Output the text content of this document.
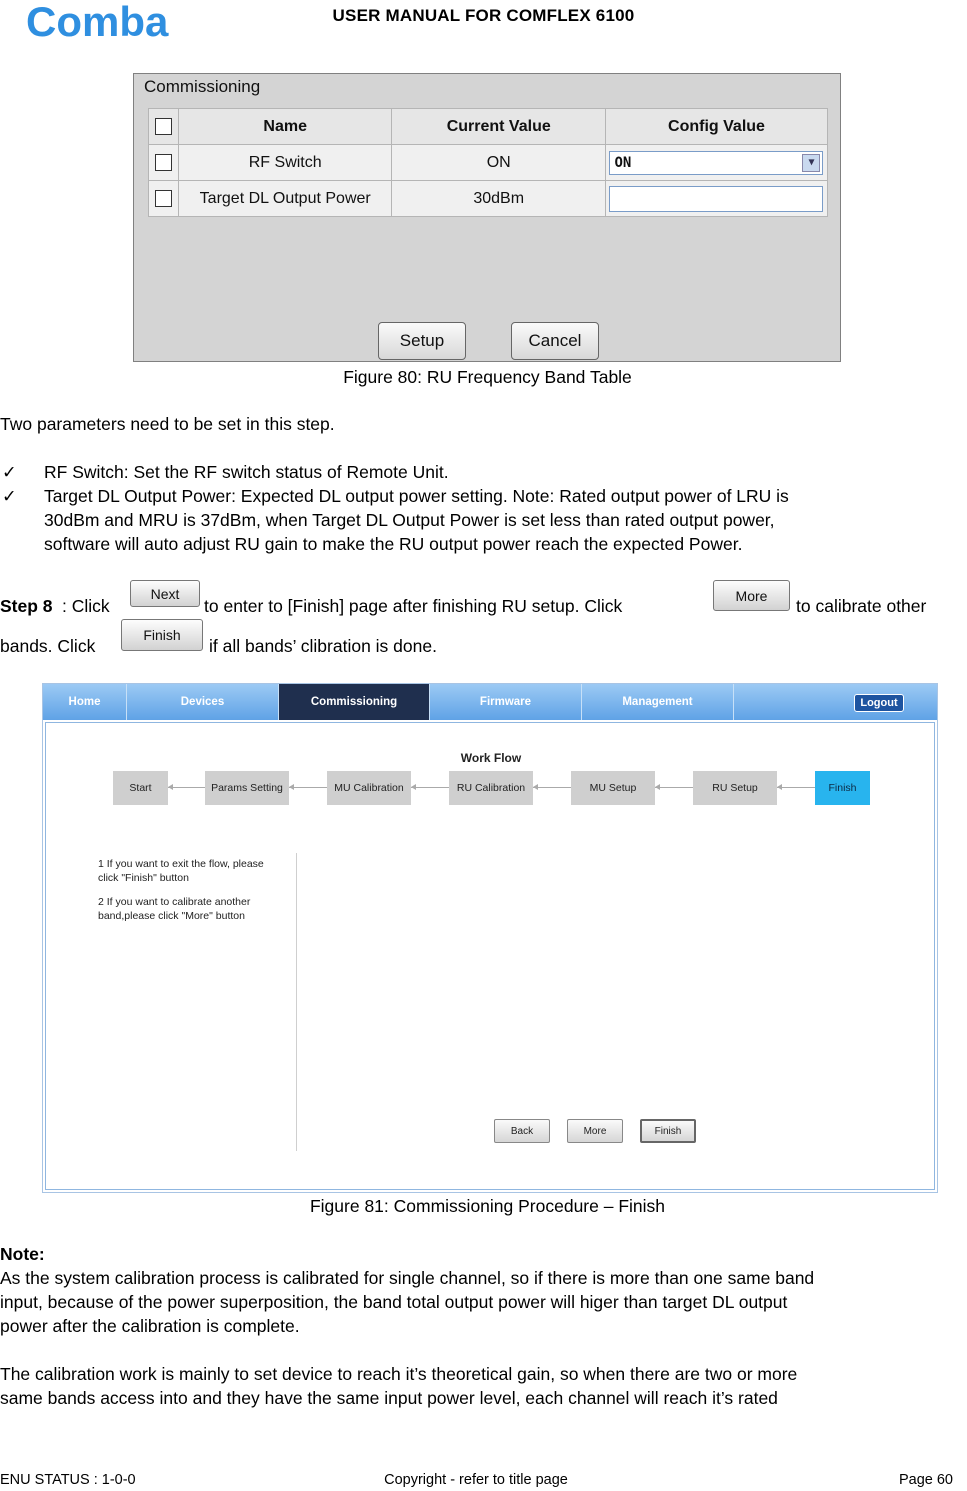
Comba	USER MANUAL FOR COMFLEX 6100
Commissioning
	Name	Current Value	Config Value
	RF Switch	ON	ON ▼

	Target DL Output Power	30dBm	
Setup	Cancel
Figure 80: RU Frequency Band Table
Two parameters need to be set in this step.
✓ RF Switch: Set the RF switch status of Remote Unit.
✓ Target DL Output Power: Expected DL output power setting. Note: Rated output power of LRU is
30dBm and MRU is 37dBm, when Target DL Output Power is set less than rated output power,
software will auto adjust RU gain to make the RU output power reach the expected Power.
Step 8 : Click
Next
to enter to [Finish] page after finishing RU setup. Click
More
to calibrate other
bands. Click
Finish
if all bands’ clibration is done.
Home	Devices	Commissioning	Firmware	Management	Logout
Work Flow
Start	Params Setting	MU Calibration	RU Calibration	MU Setup	RU Setup	Finish
1 If you want to exit the flow, please
click "Finish" button
2 If you want to calibrate another
band,please click "More" button
Back	More	Finish
Figure 81: Commissioning Procedure – Finish
Note:
As the system calibration process is calibrated for single channel, so if there is more than one same band
input, because of the power superposition, the band total output power will higer than target DL output
power after the calibration is complete.
The calibration work is mainly to set device to reach it’s theoretical gain, so when there are two or more
same bands access into and they have the same input power level, each channel will reach it’s rated
ENU STATUS : 1-0-0	Copyright - refer to title page	Page 60
